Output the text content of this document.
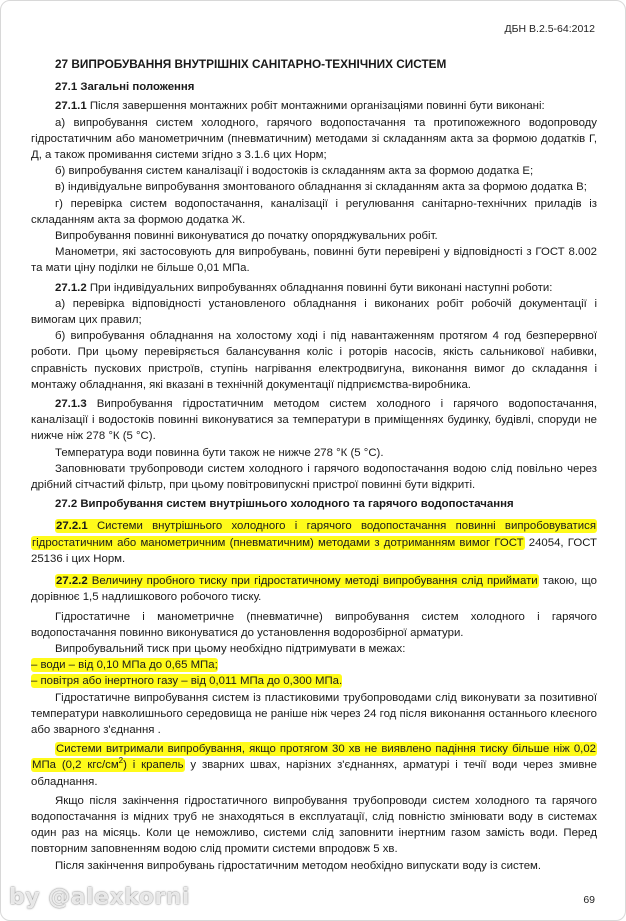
ДБН В.2.5-64:2012

27 ВИПРОБУВАННЯ ВНУТРІШНІХ САНІТАРНО-ТЕХНІЧНИХ СИСТЕМ

27.1 Загальні положення

27.1.1 Після завершення монтажних робіт монтажними організаціями повинні бути виконані:

а) випробування систем холодного, гарячого водопостачання та протипожежного водопроводу гідростатичним або манометричним (пневматичним) методами зі складанням акта за формою додатків Г, Д, а також промивання системи згідно з 3.1.6 цих Норм;

б) випробування систем каналізації і водостоків із складанням акта за формою додатка Е;

в) індивідуальне випробування змонтованого обладнання зі складанням акта за формою додатка В;

г) перевірка систем водопостачання, каналізації і регулювання санітарно-технічних приладів із складанням акта за формою додатка Ж.

Випробування повинні виконуватися до початку опоряджувальних робіт.

Манометри, які застосовують для випробувань, повинні бути перевірені у відповідності з ГОСТ 8.002 та мати ціну поділки не більше 0,01 МПа.

27.1.2 При індивідуальних випробуваннях обладнання повинні бути виконані наступні роботи:

а) перевірка відповідності установленого обладнання і виконаних робіт робочій документації і вимогам цих правил;

б) випробування обладнання на холостому ході і під навантаженням протягом 4 год безперервної роботи. При цьому перевіряється балансування коліс і роторів насосів, якість сальникової набивки, справність пускових пристроїв, ступінь нагрівання електродвигуна, виконання вимог до складання і монтажу обладнання, які вказані в технічній документації підприємства-виробника.

27.1.3 Випробування гідростатичним методом систем холодного і гарячого водопостачання, каналізації і водостоків повинні виконуватися за температури в приміщеннях будинку, будівлі, споруди не нижче ніж 278 °К (5 °С).

Температура води повинна бути також не нижче 278 °К (5 °С).

Заповнювати трубопроводи систем холодного і гарячого водопостачання водою слід повільно через дрібний сітчастий фільтр, при цьому повітровипускні пристрої повинні бути відкриті.

27.2 Випробування систем внутрішнього холодного та гарячого водопостачання

27.2.1 Системи внутрішнього холодного і гарячого водопостачання повинні випробовуватися гідростатичним або манометричним (пневматичним) методами з дотриманням вимог ГОСТ 24054, ГОСТ 25136 і цих Норм.

27.2.2 Величину пробного тиску при гідростатичному методі випробування слід приймати такою, що дорівнює 1,5 надлишкового робочого тиску.

Гідростатичне і манометричне (пневматичне) випробування систем холодного і гарячого водопостачання повинно виконуватися до установлення водорозбірної арматури.

Випробувальний тиск при цьому необхідно підтримувати в межах:

– води – від 0,10 МПа до 0,65 МПа;

– повітря або інертного газу – від 0,011 МПа до 0,300 МПа.

Гідростатичне випробування систем із пластиковими трубопроводами слід виконувати за позитивної температури навколишнього середовища не раніше ніж через 24 год після виконання останнього клеєного або зварного з'єднання .

Системи витримали випробування, якщо протягом 30 хв не виявлено падіння тиску більше ніж 0,02 МПа (0,2 кгс/$см^2$) і крапель у зварних швах, нарізних з'єднаннях, арматурі і течії води через змивне обладнання.

Якщо після закінчення гідростатичного випробування трубопроводи систем холодного та гарячого водопостачання із мідних труб не знаходяться в експлуатації, слід повністю змінювати воду в системах один раз на місяць. Коли це неможливо, системи слід заповнити інертним газом замість води. Перед повторним заповненням водою слід промити системи впродовж 5 хв.

Після закінчення випробувань гідростатичним методом необхідно випускати воду із систем.

69
by @alexkorni
